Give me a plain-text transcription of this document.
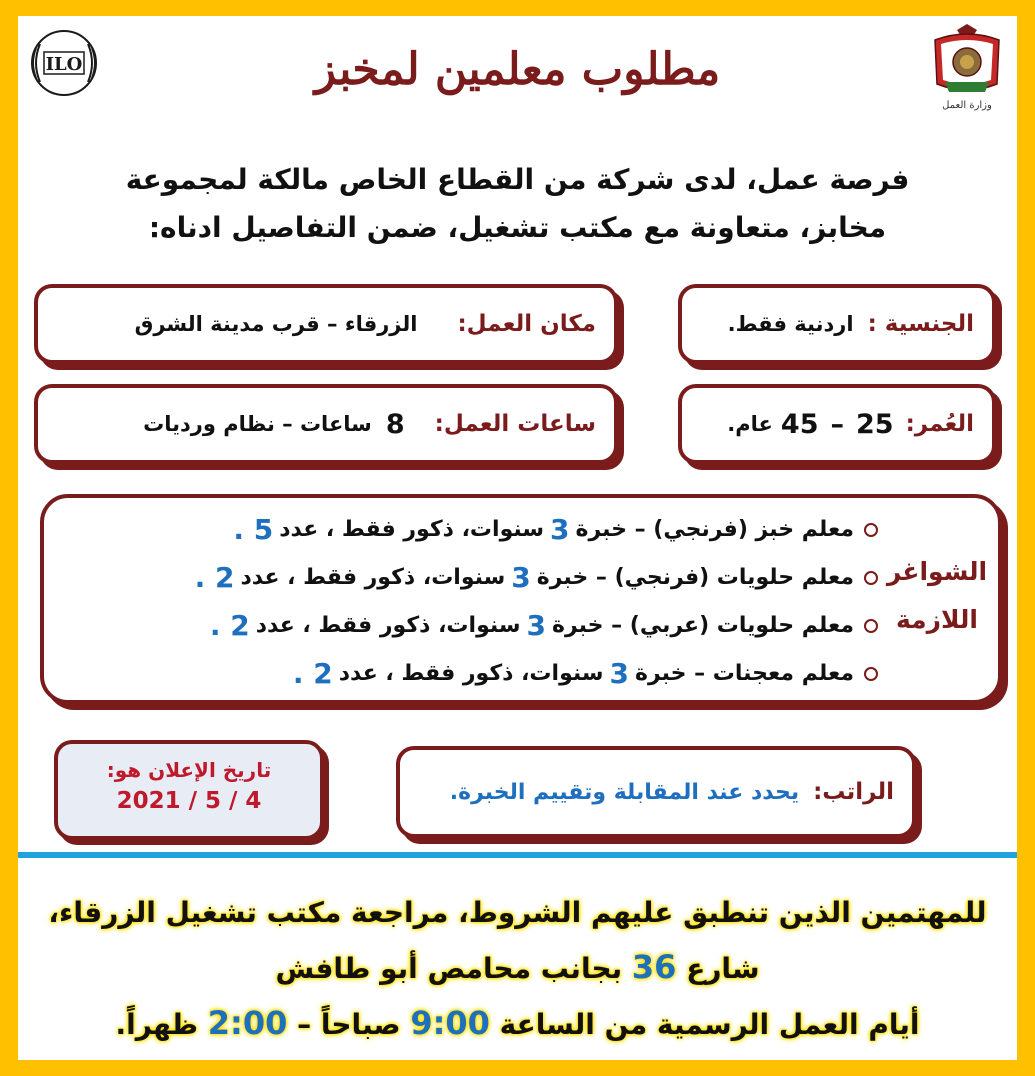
ILO
وزارة العمل
مطلوب معلمين لمخبز
فرصة عمل، لدى شركة من القطاع الخاص مالكة لمجموعة
مخابز، متعاونة مع مكتب تشغيل، ضمن التفاصيل ادناه:
الجنسية :
اردنية فقط.
مكان العمل:
الزرقاء – قرب مدينة الشرق
العُمر:
25
–
45
عام.
ساعات العمل:
8
ساعات – نظام ورديات
الشواغر
اللازمة
معلم خبز (فرنجي) – خبرة
3
سنوات، ذكور فقط ، عدد
5 .
معلم حلويات (فرنجي) – خبرة
3
سنوات، ذكور فقط ، عدد
2 .
معلم حلويات (عربي) – خبرة
3
سنوات، ذكور فقط ، عدد
2 .
معلم معجنات – خبرة
3
سنوات، ذكور فقط ، عدد
2 .
تاريخ الإعلان هو:
2021 / 5 / 4	الراتب:
يحدد عند المقابلة وتقييم الخبرة.
للمهتمين الذين تنطبق عليهم الشروط، مراجعة مكتب تشغيل الزرقاء،
شارع 36 بجانب محامص أبو طافش
أيام العمل الرسمية من الساعة 9:00 صباحاً – 2:00 ظهراً.
